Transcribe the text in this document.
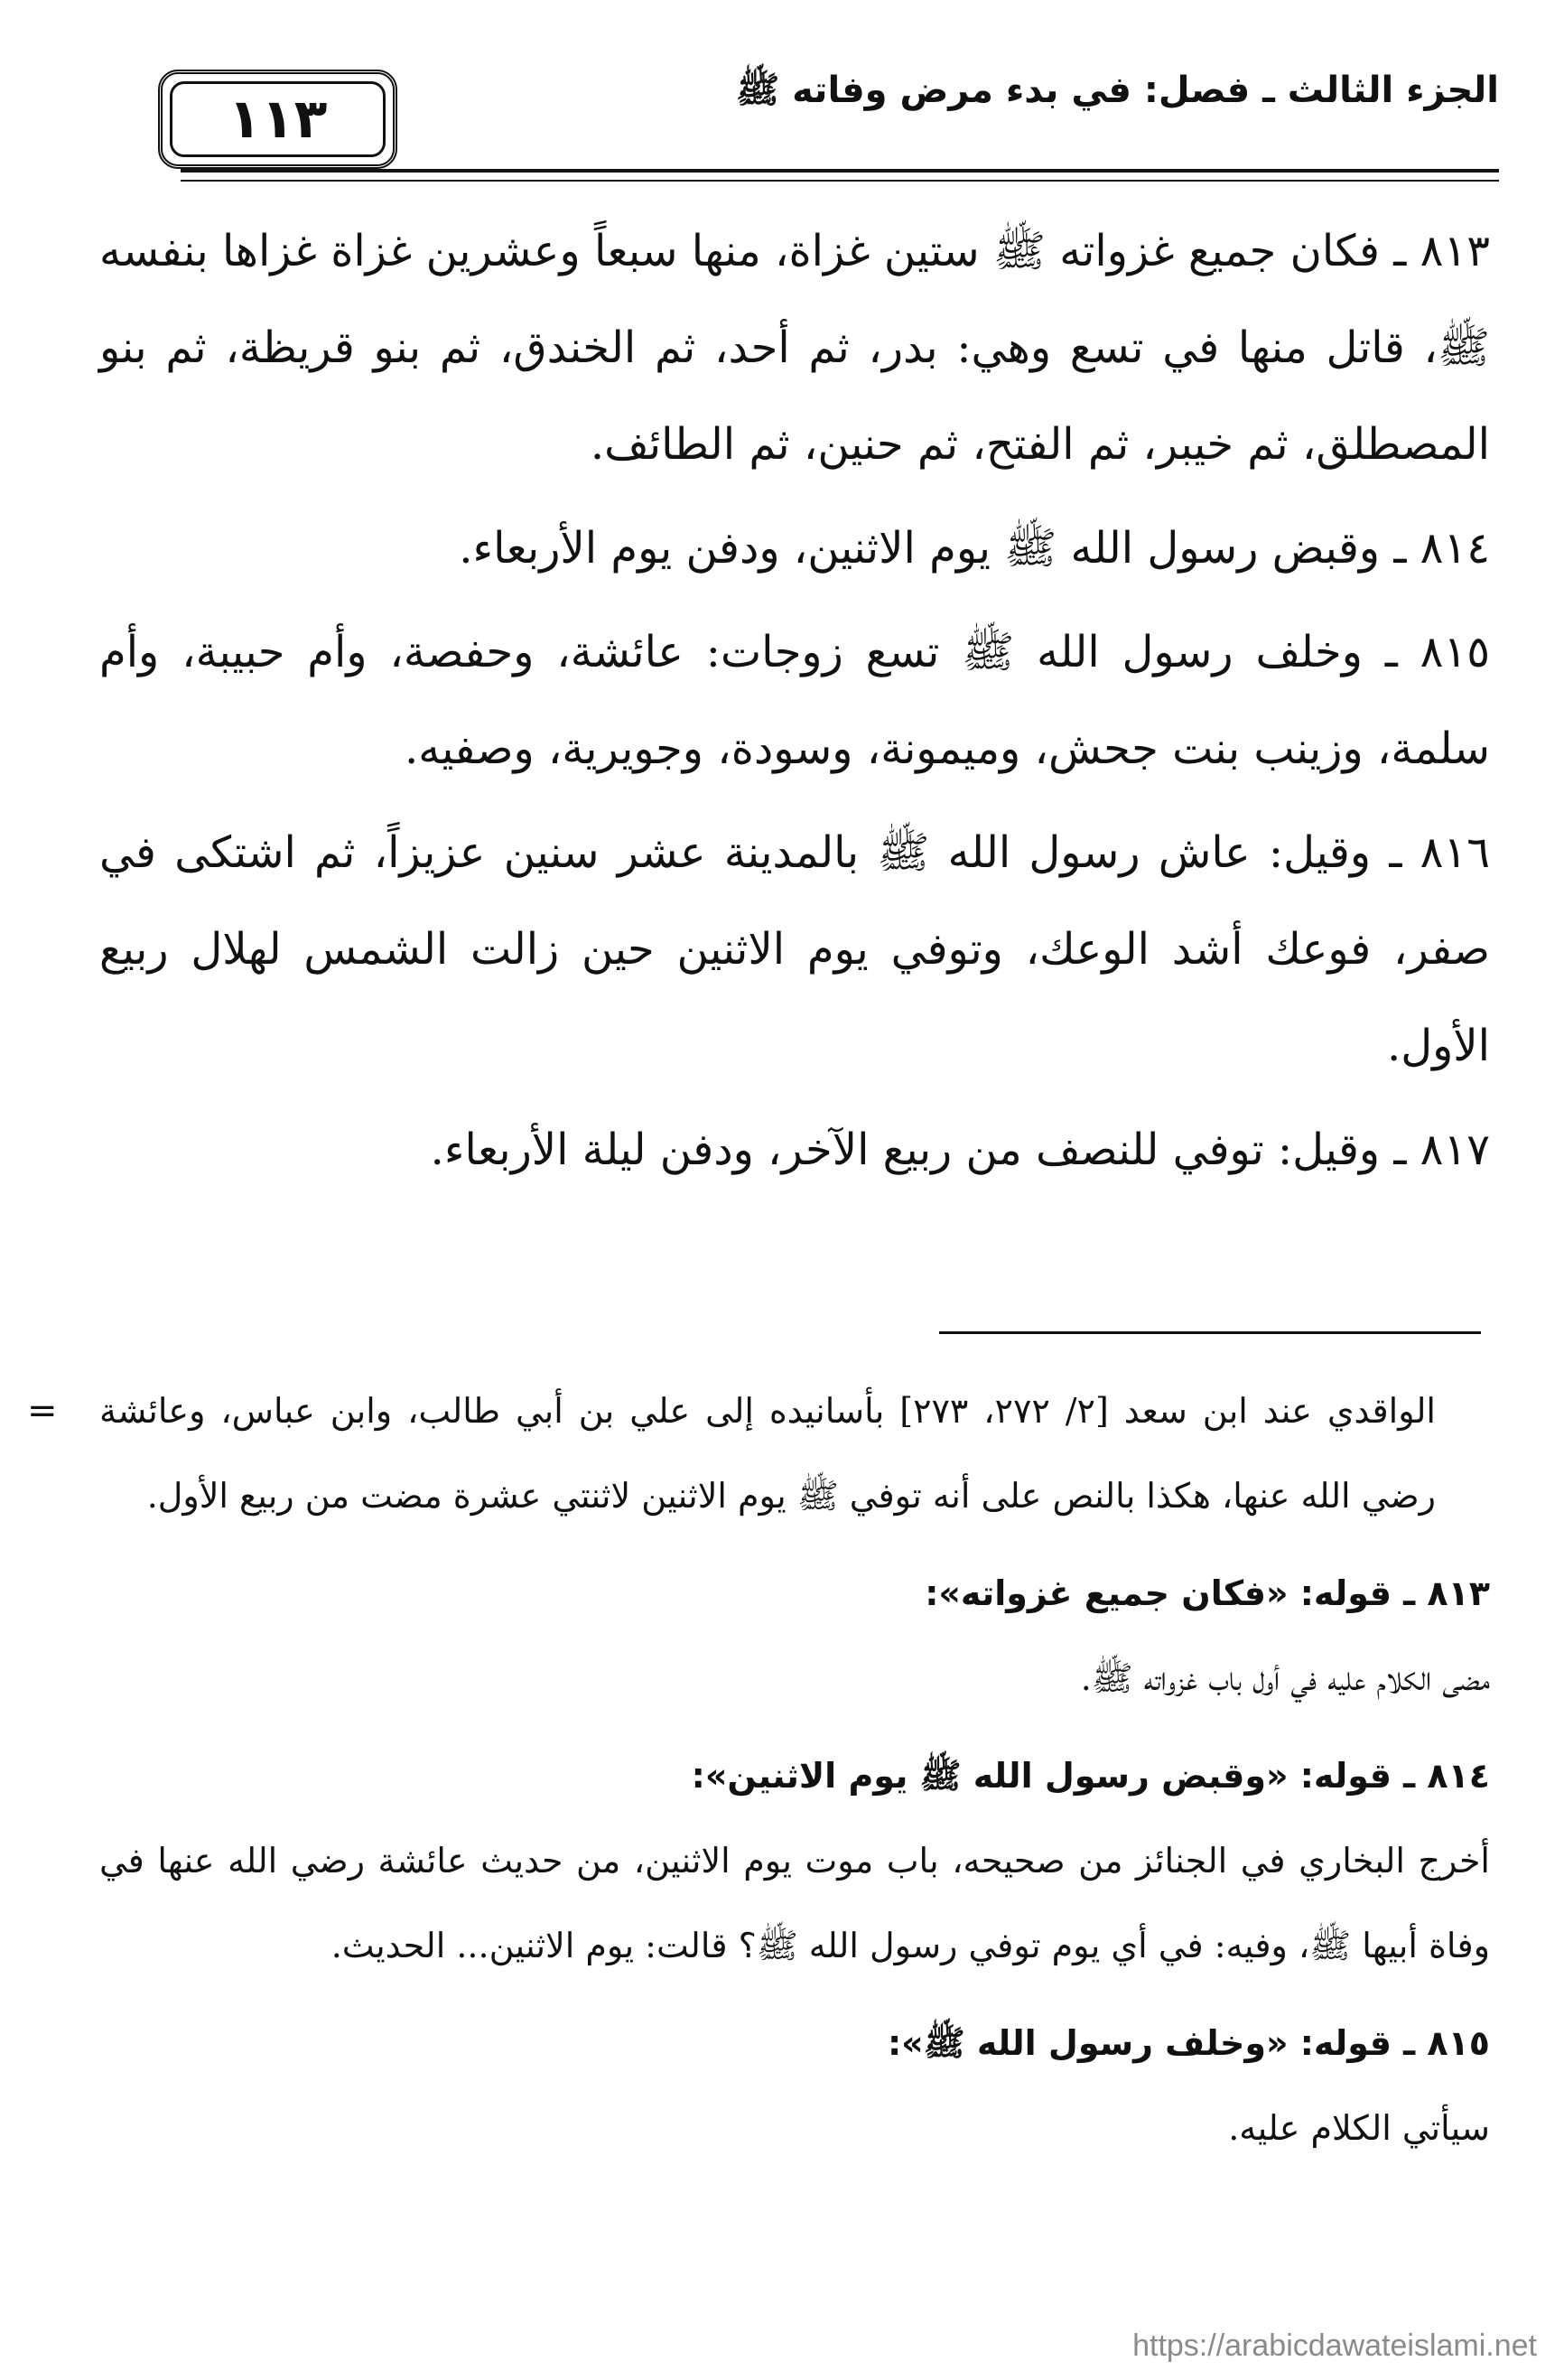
١١٣	الجزء الثالث ـ فصل: في بدء مرض وفاته ﷺ

٨١٣ ـ فكان جميع غزواته ﷺ ستين غزاة، منها سبعاً وعشرين غزاة غزاها بنفسه ﷺ، قاتل منها في تسع وهي: بدر، ثم أحد، ثم الخندق، ثم بنو قريظة، ثم بنو المصطلق، ثم خيبر، ثم الفتح، ثم حنين، ثم الطائف.

٨١٤ ـ وقبض رسول الله ﷺ يوم الاثنين، ودفن يوم الأربعاء.

٨١٥ ـ وخلف رسول الله ﷺ تسع زوجات: عائشة، وحفصة، وأم حبيبة، وأم سلمة، وزينب بنت جحش، وميمونة، وسودة، وجويرية، وصفيه.

٨١٦ ـ وقيل: عاش رسول الله ﷺ بالمدينة عشر سنين عزيزاً، ثم اشتكى في صفر، فوعك أشد الوعك، وتوفي يوم الاثنين حين زالت الشمس لهلال ربيع الأول.

٨١٧ ـ وقيل: توفي للنصف من ربيع الآخر، ودفن ليلة الأربعاء.

= الواقدي عند ابن سعد [٢/ ٢٧٢، ٢٧٣] بأسانيده إلى علي بن أبي طالب، وابن عباس، وعائشة رضي الله عنها، هكذا بالنص على أنه توفي ﷺ يوم الاثنين لاثنتي عشرة مضت من ربيع الأول.

٨١٣ ـ قوله: «فكان جميع غزواته»:

مضى الكلام عليه في أول باب غزواته ﷺ.

٨١٤ ـ قوله: «وقبض رسول الله ﷺ يوم الاثنين»:

أخرج البخاري في الجنائز من صحيحه، باب موت يوم الاثنين، من حديث عائشة رضي الله عنها في وفاة أبيها ﷺ، وفيه: في أي يوم توفي رسول الله ﷺ؟ قالت: يوم الاثنين... الحديث.

٨١٥ ـ قوله: «وخلف رسول الله ﷺ»:

سيأتي الكلام عليه.

https://arabicdawateislami.net
